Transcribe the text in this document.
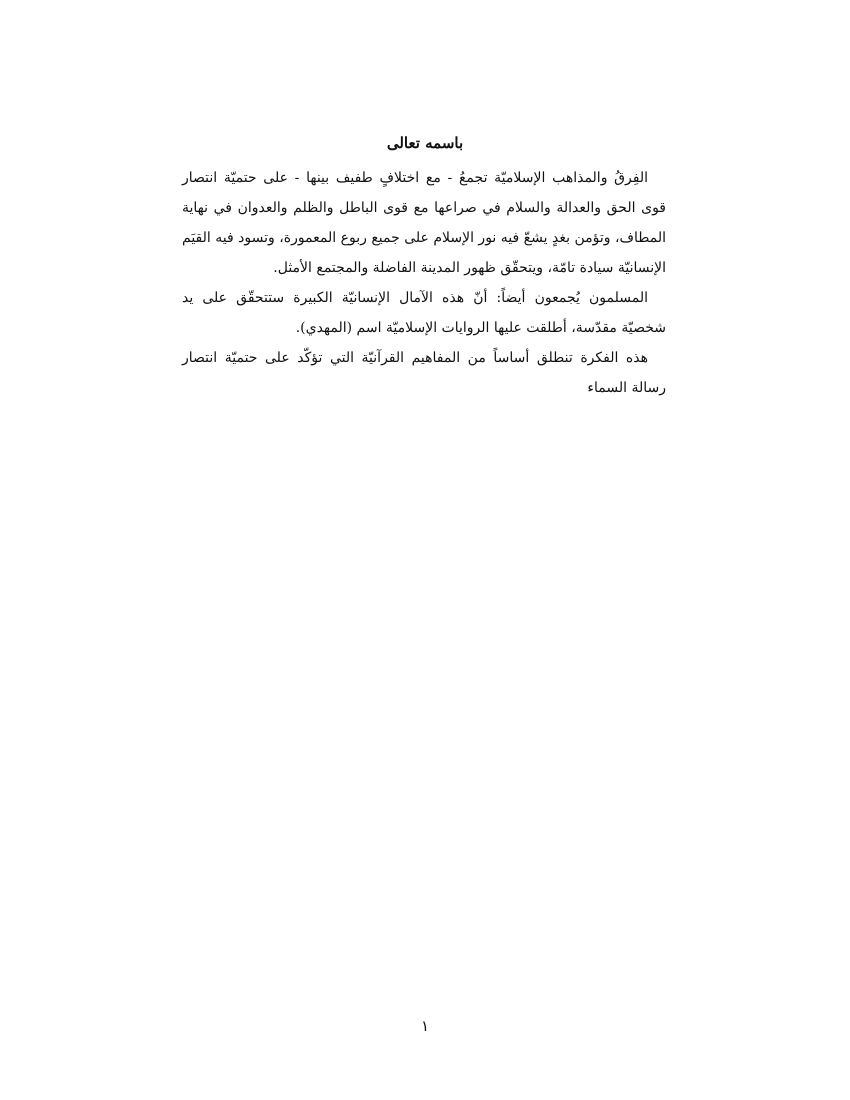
باسمه تعالى

الفِرقُ والمذاهب الإسلاميّة تجمعُ - مع اختلافٍ طفيف بينها - على حتميّة انتصار قوى الحق والعدالة والسلام في صراعها مع قوى الباطل والظلم والعدوان في نهاية المطاف، وتؤمن بغدٍ يشعّ فيه نور الإسلام على جميع ربوع المعمورة، وتسود فيه القيَم الإنسانيّة سيادة تامّة، ويتحقّق ظهور المدينة الفاضلة والمجتمع الأمثل.

المسلمون يُجمعون أيضاً: أنّ هذه الآمال الإنسانيّة الكبيرة ستتحقّق على يد شخصيّة مقدّسة، أطلقت عليها الروايات الإسلاميّة اسم (المهدي).

هذه الفكرة تنطلق أساساً من المفاهيم القرآنيّة التي تؤكّد على حتميّة انتصار رسالة السماء

١
